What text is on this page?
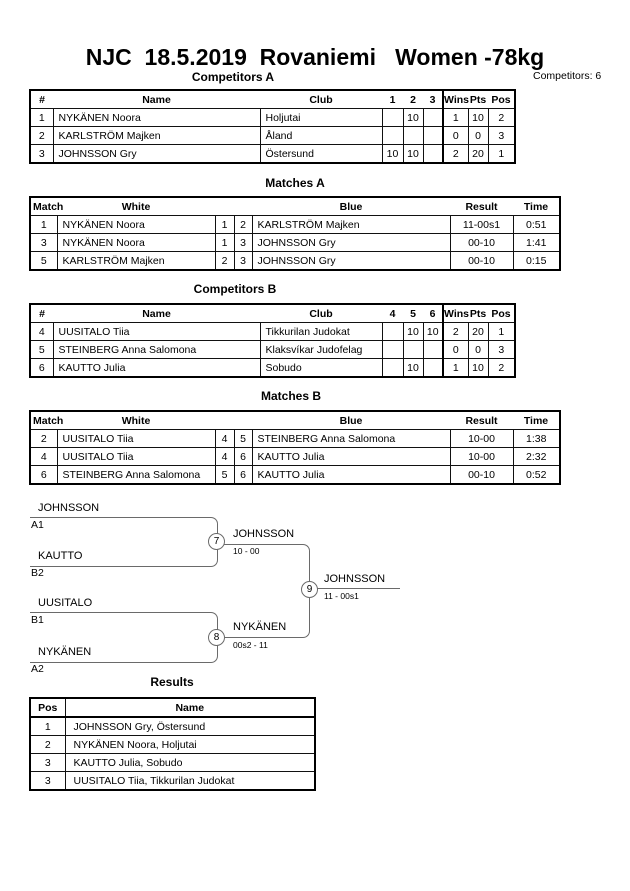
NJC  18.5.2019  Rovaniemi   Women -78kg
Competitors: 6
Competitors A
#	Name	Club	1	2	3	Wins	Pts	Pos
1	NYKÄNEN Noora	Holjutai		10		1	10	2
2	KARLSTRÖM Majken	Åland				0	0	3
3	JOHNSSON Gry	Östersund	10	10		2	20	1
Matches A
Match	White			Blue	Result	Time
1	NYKÄNEN Noora	1	2	KARLSTRÖM Majken	11-00s1	0:51
3	NYKÄNEN Noora	1	3	JOHNSSON Gry	00-10	1:41
5	KARLSTRÖM Majken	2	3	JOHNSSON Gry	00-10	0:15
Competitors B
#	Name	Club	4	5	6	Wins	Pts	Pos
4	UUSITALO Tiia	Tikkurilan Judokat		10	10	2	20	1
5	STEINBERG Anna Salomona	Klaksvíkar Judofelag				0	0	3
6	KAUTTO Julia	Sobudo		10		1	10	2
Matches B
Match	White			Blue	Result	Time
2	UUSITALO Tiia	4	5	STEINBERG Anna Salomona	10-00	1:38
4	UUSITALO Tiia	4	6	KAUTTO Julia	10-00	2:32
6	STEINBERG Anna Salomona	5	6	KAUTTO Julia	00-10	0:52
JOHNSSON
A1
KAUTTO
B2
UUSITALO
B1
NYKÄNEN
A2
JOHNSSON
10 - 00
NYKÄNEN
00s2 - 11
JOHNSSON
11 - 00s1
7
8
9
Results
Pos	Name
1	JOHNSSON Gry, Östersund
2	NYKÄNEN Noora, Holjutai
3	KAUTTO Julia, Sobudo
3	UUSITALO Tiia, Tikkurilan Judokat
